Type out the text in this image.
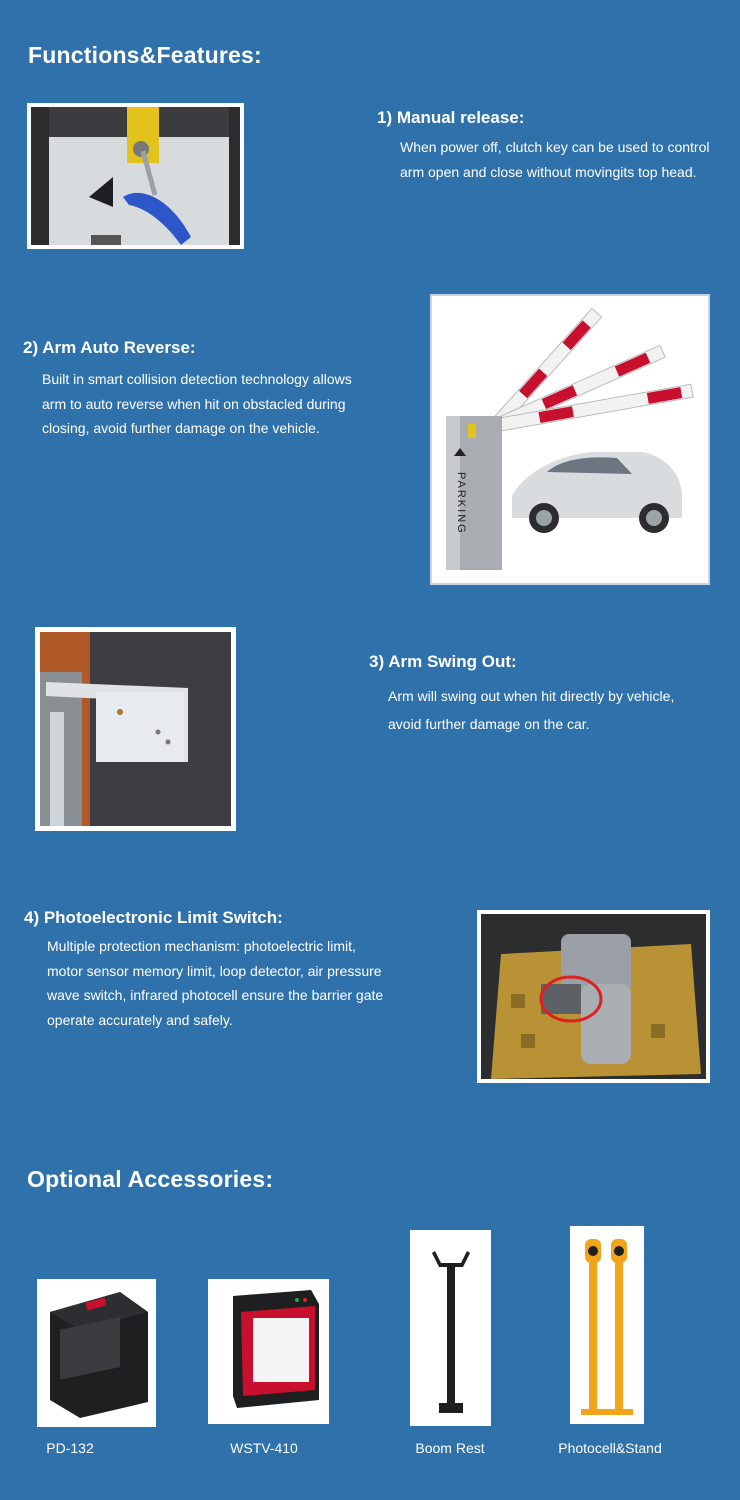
Functions&Features:
1) Manual release:

When power off, clutch key can be used to control

arm open and close without movingits top head.

2) Arm Auto Reverse:

Built in smart collision detection technology allows

arm to auto reverse when hit on obstacled during

closing, avoid further damage on the vehicle.

PARKING
3) Arm Swing Out:

Arm will swing out when hit directly by vehicle,

avoid further damage on the car.

4) Photoelectronic Limit Switch:

Multiple protection mechanism: photoelectric limit,

motor sensor memory limit, loop detector, air pressure

wave switch, infrared photocell ensure the barrier gate

operate accurately and safely.

Optional Accessories:
PD-132	WSTV-410	Boom Rest	Photocell&Stand
